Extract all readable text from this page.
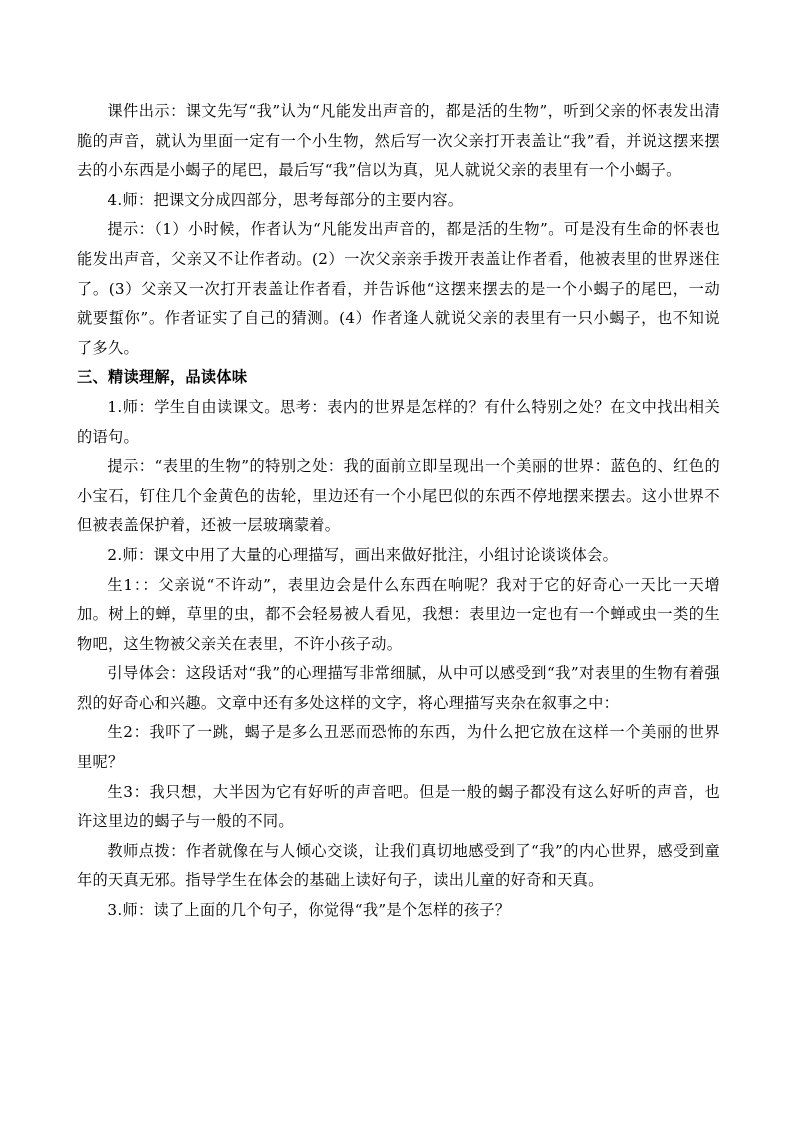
课件出示：课文先写“我”认为“凡能发出声音的，都是活的生物”，听到父亲的怀表发出清脆的声音，就认为里面一定有一个小生物，然后写一次父亲打开表盖让“我”看，并说这摆来摆去的小东西是小蝎子的尾巴，最后写“我”信以为真，见人就说父亲的表里有一个小蝎子。

4.师：把课文分成四部分，思考每部分的主要内容。

提示：（1）小时候，作者认为“凡能发出声音的，都是活的生物”。可是没有生命的怀表也能发出声音，父亲又不让作者动。(2）一次父亲亲手拨开表盖让作者看，他被表里的世界迷住了。(3）父亲又一次打开表盖让作者看，并告诉他“这摆来摆去的是一个小蝎子的尾巴，一动就要蜇你”。作者证实了自己的猜测。(4）作者逢人就说父亲的表里有一只小蝎子，也不知说了多久。

三、精读理解，品读体味

1.师：学生自由读课文。思考：表内的世界是怎样的？有什么特别之处？在文中找出相关的语句。

提示：“表里的生物”的特别之处：我的面前立即呈现出一个美丽的世界：蓝色的、红色的小宝石，钉住几个金黄色的齿轮，里边还有一个小尾巴似的东西不停地摆来摆去。这小世界不但被表盖保护着，还被一层玻璃蒙着。

2.师：课文中用了大量的心理描写，画出来做好批注，小组讨论谈谈体会。

生1：：父亲说“不许动”，表里边会是什么东西在响呢？我对于它的好奇心一天比一天增加。树上的蝉，草里的虫，都不会轻易被人看见，我想：表里边一定也有一个蝉或虫一类的生物吧，这生物被父亲关在表里，不许小孩子动。

引导体会：这段话对“我”的心理描写非常细腻，从中可以感受到“我”对表里的生物有着强烈的好奇心和兴趣。文章中还有多处这样的文字，将心理描写夹杂在叙事之中：

生2：我吓了一跳，蝎子是多么丑恶而恐怖的东西，为什么把它放在这样一个美丽的世界里呢？

生3：我只想，大半因为它有好听的声音吧。但是一般的蝎子都没有这么好听的声音，也许这里边的蝎子与一般的不同。

教师点拨：作者就像在与人倾心交谈，让我们真切地感受到了“我”的内心世界，感受到童年的天真无邪。指导学生在体会的基础上读好句子，读出儿童的好奇和天真。

3.师：读了上面的几个句子，你觉得“我”是个怎样的孩子？
